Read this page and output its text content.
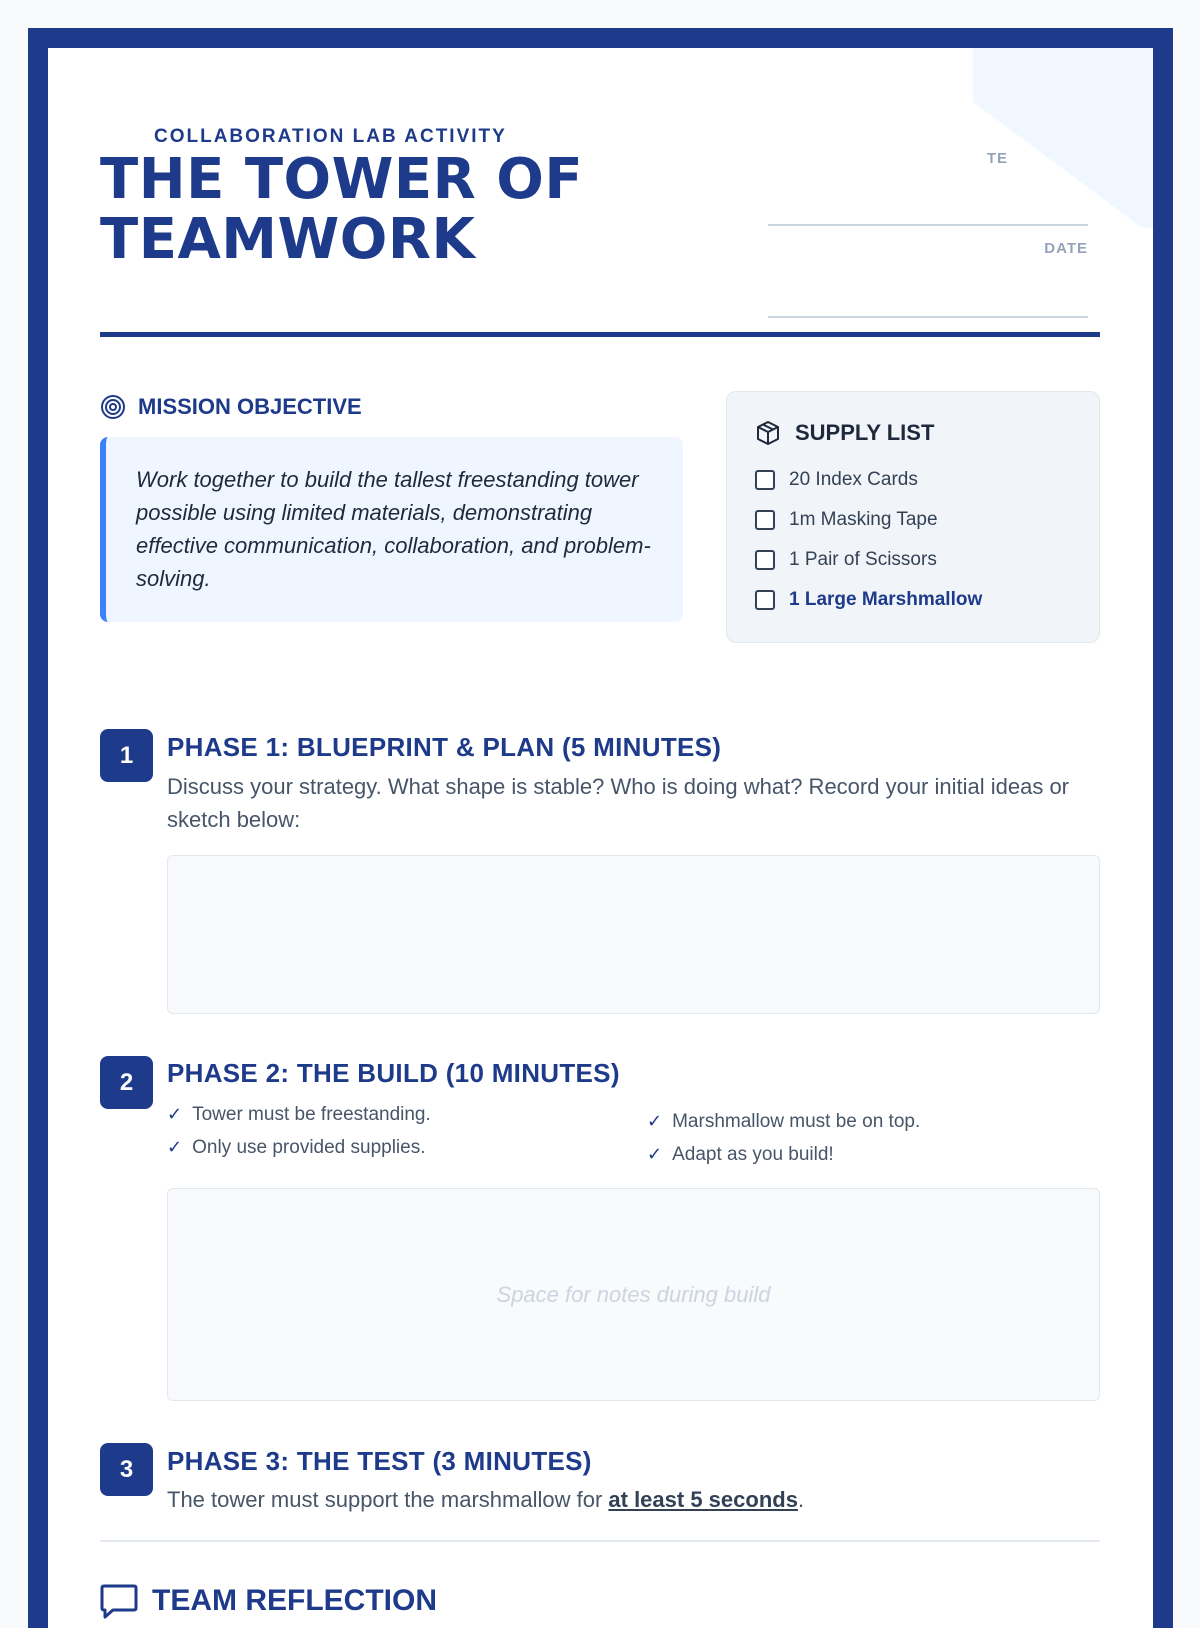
COLLABORATION LAB ACTIVITY
THE TOWER OF TEAMWORK
TE
DATE
MISSION OBJECTIVE
Work together to build the tallest freestanding tower possible using limited materials, demonstrating effective communication, collaboration, and problem-solving.
SUPPLY LIST
20 Index Cards
1m Masking Tape
1 Pair of Scissors
1 Large Marshmallow
1	PHASE 1: BLUEPRINT & PLAN (5 MINUTES)
Discuss your strategy. What shape is stable? Who is doing what? Record your initial ideas or sketch below:
2	PHASE 2: THE BUILD (10 MINUTES)
✓ Tower must be freestanding.
✓ Only use provided supplies.
✓ Marshmallow must be on top.
✓ Adapt as you build!
Space for notes during build
3	PHASE 3: THE TEST (3 MINUTES)
The tower must support the marshmallow for at least 5 seconds.
TEAM REFLECTION
